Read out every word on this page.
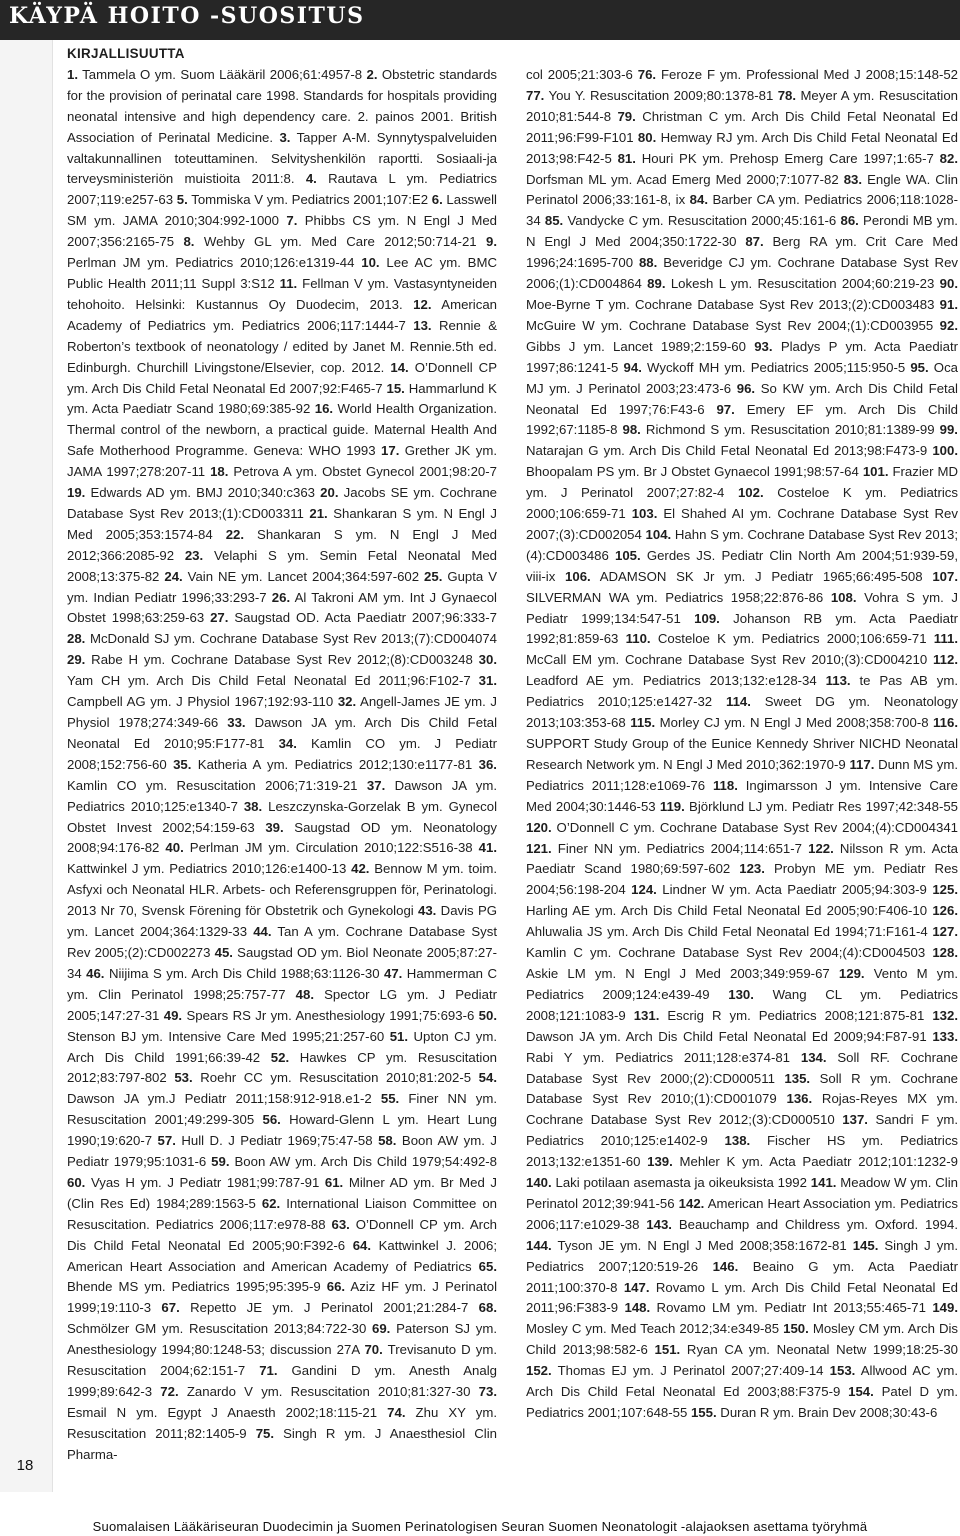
KÄYPÄ HOITO -SUOSITUS
18

KIRJALLISUUTTA

1. Tammela O ym. Suom Lääkäril 2006;61:4957-8 2. Obstetric standards for the provision of perinatal care 1998. Standards for hospitals providing neonatal intensive and high dependency care. 2. painos 2001. British Association of Perinatal Medicine. 3. Tapper A-M. Synnytyspalveluiden valtakunnallinen toteuttaminen. Selvityshenkilön raportti. Sosiaali-ja terveysministeriön muistioita 2011:8. 4. Rautava L ym. Pediatrics 2007;119:e257-63 5. Tommiska V ym. Pediatrics 2001;107:E2 6. Lasswell SM ym. JAMA 2010;304:992-1000 7. Phibbs CS ym. N Engl J Med 2007;356:2165-75 8. Wehby GL ym. Med Care 2012;50:714-21 9. Perlman JM ym. Pediatrics 2010;126:e1319-44 10. Lee AC ym. BMC Public Health 2011;11 Suppl 3:S12 11. Fellman V ym. Vastasyntyneiden tehohoito. Helsinki: Kustannus Oy Duodecim, 2013. 12. American Academy of Pediatrics ym. Pediatrics 2006;117:1444-7 13. Rennie & Roberton’s textbook of neonatology / edited by Janet M. Rennie.5th ed. Edinburgh. Churchill Livingstone/Elsevier, cop. 2012. 14. O’Donnell CP ym. Arch Dis Child Fetal Neonatal Ed 2007;92:F465-7 15. Hammarlund K ym. Acta Paediatr Scand 1980;69:385-92 16. World Health Organization. Thermal control of the newborn, a practical guide. Maternal Health And Safe Motherhood Programme. Geneva: WHO 1993 17. Grether JK ym. JAMA 1997;278:207-11 18. Petrova A ym. Obstet Gynecol 2001;98:20-7 19. Edwards AD ym. BMJ 2010;340:c363 20. Jacobs SE ym. Cochrane Database Syst Rev 2013;(1):CD003311 21. Shankaran S ym. N Engl J Med 2005;353:1574-84 22. Shankaran S ym. N Engl J Med 2012;366:2085-92 23. Velaphi S ym. Semin Fetal Neonatal Med 2008;13:375-82 24. Vain NE ym. Lancet 2004;364:597-602 25. Gupta V ym. Indian Pediatr 1996;33:293-7 26. Al Takroni AM ym. Int J Gynaecol Obstet 1998;63:259-63 27. Saugstad OD. Acta Paediatr 2007;96:333-7 28. McDonald SJ ym. Cochrane Database Syst Rev 2013;(7):CD004074 29. Rabe H ym. Cochrane Database Syst Rev 2012;(8):CD003248 30. Yam CH ym. Arch Dis Child Fetal Neonatal Ed 2011;96:F102-7 31. Campbell AG ym. J Physiol 1967;192:93-110 32. Angell-James JE ym. J Physiol 1978;274:349-66 33. Dawson JA ym. Arch Dis Child Fetal Neonatal Ed 2010;95:F177-81 34. Kamlin CO ym. J Pediatr 2008;152:756-60 35. Katheria A ym. Pediatrics 2012;130:e1177-81 36. Kamlin CO ym. Resuscitation 2006;71:319-21 37. Dawson JA ym. Pediatrics 2010;125:e1340-7 38. Leszczynska-Gorzelak B ym. Gynecol Obstet Invest 2002;54:159-63 39. Saugstad OD ym. Neonatology 2008;94:176-82 40. Perlman JM ym. Circulation 2010;122:S516-38 41. Kattwinkel J ym. Pediatrics 2010;126:e1400-13 42. Bennow M ym. toim. Asfyxi och Neonatal HLR. Arbets- och Referensgruppen för, Perinatologi. 2013 Nr 70, Svensk Förening för Obstetrik och Gynekologi 43. Davis PG ym. Lancet 2004;364:1329-33 44. Tan A ym. Cochrane Database Syst Rev 2005;(2):CD002273 45. Saugstad OD ym. Biol Neonate 2005;87:27-34 46. Niijima S ym. Arch Dis Child 1988;63:1126-30 47. Hammerman C ym. Clin Perinatol 1998;25:757-77 48. Spector LG ym. J Pediatr 2005;147:27-31 49. Spears RS Jr ym. Anesthesiology 1991;75:693-6 50. Stenson BJ ym. Intensive Care Med 1995;21:257-60 51. Upton CJ ym. Arch Dis Child 1991;66:39-42 52. Hawkes CP ym. Resuscitation 2012;83:797-802 53. Roehr CC ym. Resuscitation 2010;81:202-5 54. Dawson JA ym.J Pediatr 2011;158:912-918.e1-2 55. Finer NN ym. Resuscitation 2001;49:299-305 56. Howard-Glenn L ym. Heart Lung 1990;19:620-7 57. Hull D. J Pediatr 1969;75:47-58 58. Boon AW ym. J Pediatr 1979;95:1031-6 59. Boon AW ym. Arch Dis Child 1979;54:492-8 60. Vyas H ym. J Pediatr 1981;99:787-91 61. Milner AD ym. Br Med J (Clin Res Ed) 1984;289:1563-5 62. International Liaison Committee on Resuscitation. Pediatrics 2006;117:e978-88 63. O’Donnell CP ym. Arch Dis Child Fetal Neonatal Ed 2005;90:F392-6 64. Kattwinkel J. 2006; American Heart Association and American Academy of Pediatrics 65. Bhende MS ym. Pediatrics 1995;95:395-9 66. Aziz HF ym. J Perinatol 1999;19:110-3 67. Repetto JE ym. J Perinatol 2001;21:284-7 68. Schmölzer GM ym. Resuscitation 2013;84:722-30 69. Paterson SJ ym. Anesthesiology 1994;80:1248-53; discussion 27A 70. Trevisanuto D ym. Resuscitation 2004;62:151-7 71. Gandini D ym. Anesth Analg 1999;89:642-3 72. Zanardo V ym. Resuscitation 2010;81:327-30 73. Esmail N ym. Egypt J Anaesth 2002;18:115-21 74. Zhu XY ym. Resuscitation 2011;82:1405-9 75. Singh R ym. J Anaesthesiol Clin Pharma-

col 2005;21:303-6 76. Feroze F ym. Professional Med J 2008;15:148-52 77. You Y. Resuscitation 2009;80:1378-81 78. Meyer A ym. Resuscitation 2010;81:544-8 79. Christman C ym. Arch Dis Child Fetal Neonatal Ed 2011;96:F99-F101 80. Hemway RJ ym. Arch Dis Child Fetal Neonatal Ed 2013;98:F42-5 81. Houri PK ym. Prehosp Emerg Care 1997;1:65-7 82. Dorfsman ML ym. Acad Emerg Med 2000;7:1077-82 83. Engle WA. Clin Perinatol 2006;33:161-8, ix 84. Barber CA ym. Pediatrics 2006;118:1028-34 85. Vandycke C ym. Resuscitation 2000;45:161-6 86. Perondi MB ym. N Engl J Med 2004;350:1722-30 87. Berg RA ym. Crit Care Med 1996;24:1695-700 88. Beveridge CJ ym. Cochrane Database Syst Rev 2006;(1):CD004864 89. Lokesh L ym. Resuscitation 2004;60:219-23 90. Moe-Byrne T ym. Cochrane Database Syst Rev 2013;(2):CD003483 91. McGuire W ym. Cochrane Database Syst Rev 2004;(1):CD003955 92. Gibbs J ym. Lancet 1989;2:159-60 93. Pladys P ym. Acta Paediatr 1997;86:1241-5 94. Wyckoff MH ym. Pediatrics 2005;115:950-5 95. Oca MJ ym. J Perinatol 2003;23:473-6 96. So KW ym. Arch Dis Child Fetal Neonatal Ed 1997;76:F43-6 97. Emery EF ym. Arch Dis Child 1992;67:1185-8 98. Richmond S ym. Resuscitation 2010;81:1389-99 99. Natarajan G ym. Arch Dis Child Fetal Neonatal Ed 2013;98:F473-9 100. Bhoopalam PS ym. Br J Obstet Gynaecol 1991;98:57-64 101. Frazier MD ym. J Perinatol 2007;27:82-4 102. Costeloe K ym. Pediatrics 2000;106:659-71 103. El Shahed AI ym. Cochrane Database Syst Rev 2007;(3):CD002054 104. Hahn S ym. Cochrane Database Syst Rev 2013;(4):CD003486 105. Gerdes JS. Pediatr Clin North Am 2004;51:939-59, viii-ix 106. ADAMSON SK Jr ym. J Pediatr 1965;66:495-508 107. SILVERMAN WA ym. Pediatrics 1958;22:876-86 108. Vohra S ym. J Pediatr 1999;134:547-51 109. Johanson RB ym. Acta Paediatr 1992;81:859-63 110. Costeloe K ym. Pediatrics 2000;106:659-71 111. McCall EM ym. Cochrane Database Syst Rev 2010;(3):CD004210 112. Leadford AE ym. Pediatrics 2013;132:e128-34 113. te Pas AB ym. Pediatrics 2010;125:e1427-32 114. Sweet DG ym. Neonatology 2013;103:353-68 115. Morley CJ ym. N Engl J Med 2008;358:700-8 116. SUPPORT Study Group of the Eunice Kennedy Shriver NICHD Neonatal Research Network ym. N Engl J Med 2010;362:1970-9 117. Dunn MS ym. Pediatrics 2011;128:e1069-76 118. Ingimarsson J ym. Intensive Care Med 2004;30:1446-53 119. Björklund LJ ym. Pediatr Res 1997;42:348-55 120. O’Donnell C ym. Cochrane Database Syst Rev 2004;(4):CD004341 121. Finer NN ym. Pediatrics 2004;114:651-7 122. Nilsson R ym. Acta Paediatr Scand 1980;69:597-602 123. Probyn ME ym. Pediatr Res 2004;56:198-204 124. Lindner W ym. Acta Paediatr 2005;94:303-9 125. Harling AE ym. Arch Dis Child Fetal Neonatal Ed 2005;90:F406-10 126. Ahluwalia JS ym. Arch Dis Child Fetal Neonatal Ed 1994;71:F161-4 127. Kamlin C ym. Cochrane Database Syst Rev 2004;(4):CD004503 128. Askie LM ym. N Engl J Med 2003;349:959-67 129. Vento M ym. Pediatrics 2009;124:e439-49 130. Wang CL ym. Pediatrics 2008;121:1083-9 131. Escrig R ym. Pediatrics 2008;121:875-81 132. Dawson JA ym. Arch Dis Child Fetal Neonatal Ed 2009;94:F87-91 133. Rabi Y ym. Pediatrics 2011;128:e374-81 134. Soll RF. Cochrane Database Syst Rev 2000;(2):CD000511 135. Soll R ym. Cochrane Database Syst Rev 2010;(1):CD001079 136. Rojas-Reyes MX ym. Cochrane Database Syst Rev 2012;(3):CD000510 137. Sandri F ym. Pediatrics 2010;125:e1402-9 138. Fischer HS ym. Pediatrics 2013;132:e1351-60 139. Mehler K ym. Acta Paediatr 2012;101:1232-9 140. Laki potilaan asemasta ja oikeuksista 1992 141. Meadow W ym. Clin Perinatol 2012;39:941-56 142. American Heart Association ym. Pediatrics 2006;117:e1029-38 143. Beauchamp and Childress ym. Oxford. 1994. 144. Tyson JE ym. N Engl J Med 2008;358:1672-81 145. Singh J ym. Pediatrics 2007;120:519-26 146. Beaino G ym. Acta Paediatr 2011;100:370-8 147. Rovamo L ym. Arch Dis Child Fetal Neonatal Ed 2011;96:F383-9 148. Rovamo LM ym. Pediatr Int 2013;55:465-71 149. Mosley C ym. Med Teach 2012;34:e349-85 150. Mosley CM ym. Arch Dis Child 2013;98:582-6 151. Ryan CA ym. Neonatal Netw 1999;18:25-30 152. Thomas EJ ym. J Perinatol 2007;27:409-14 153. Allwood AC ym. Arch Dis Child Fetal Neonatal Ed 2003;88:F375-9 154. Patel D ym. Pediatrics 2001;107:648-55 155. Duran R ym. Brain Dev 2008;30:43-6

Suomalaisen Lääkäriseuran Duodecimin ja Suomen Perinatologisen Seuran Suomen Neonatologit -alajaoksen asettama työryhmä
